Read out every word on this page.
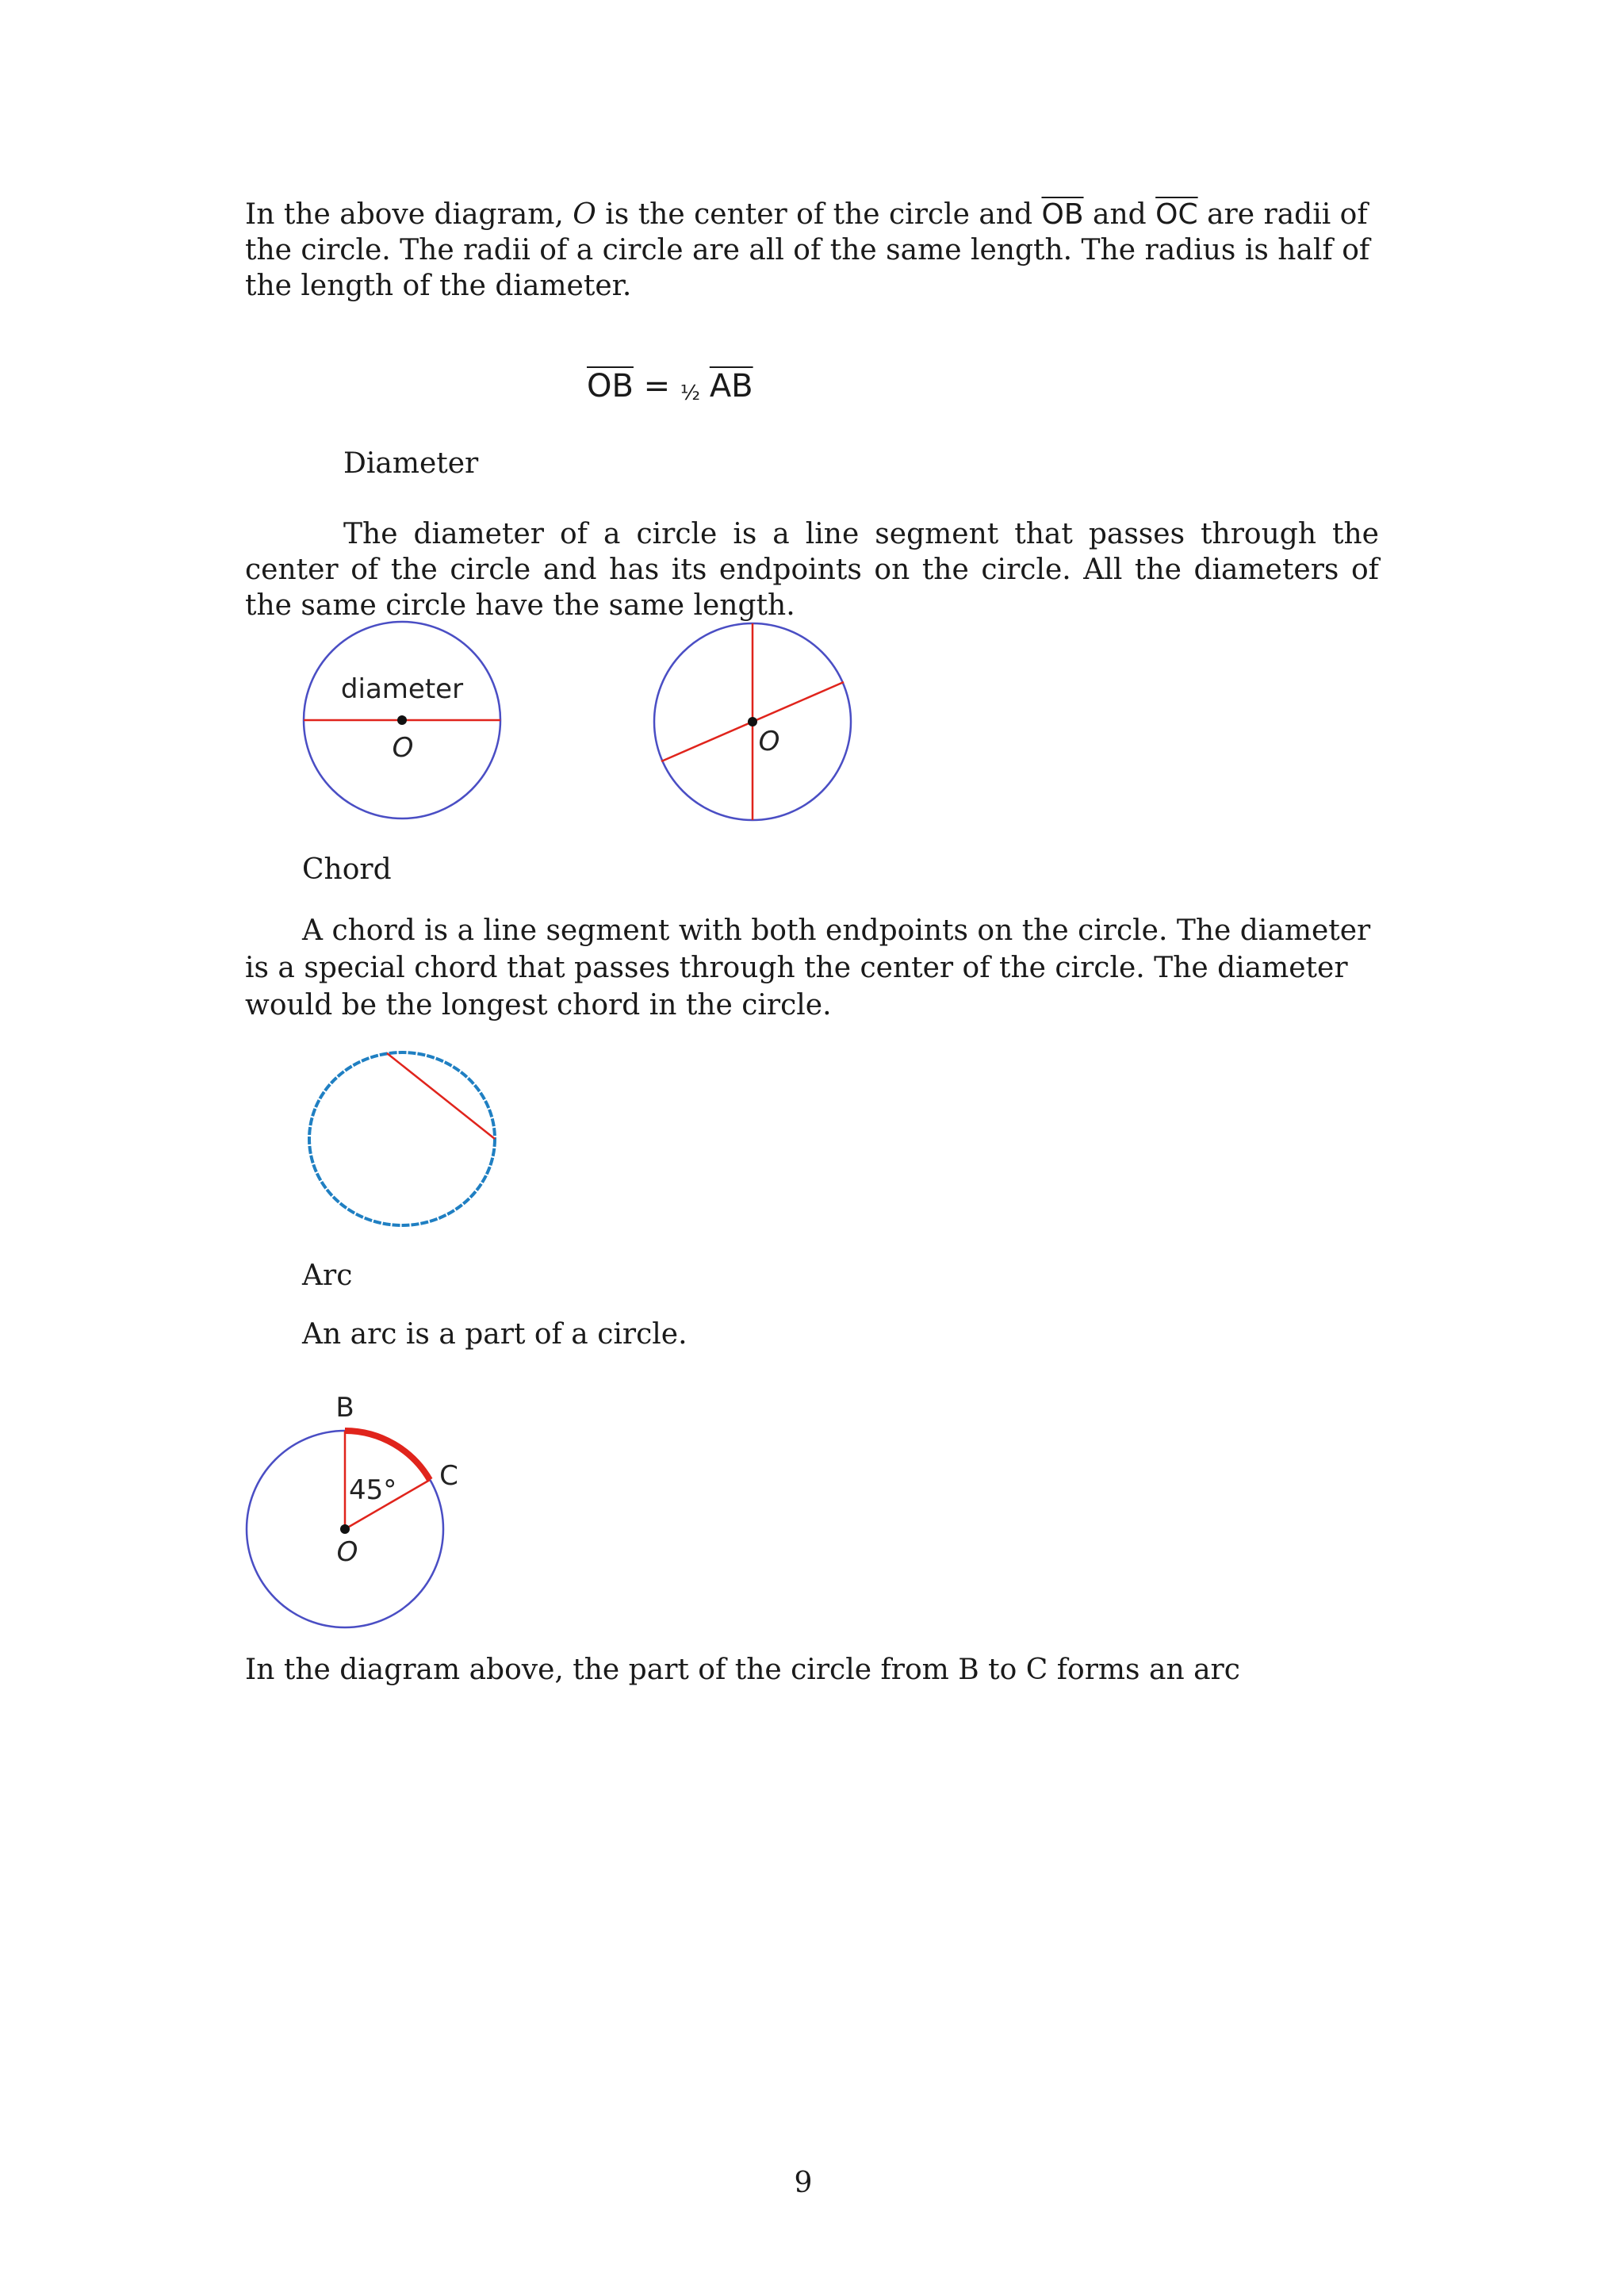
In the above diagram, O is the center of the circle and $\overline{OB}$ and $\overline{OC}$ are radii of the circle. The radii of a circle are all of the same length. The radius is half of the length of the diameter.

$\overline{OB}$ = ½ $\overline{AB}$
Diameter

The diameter of a circle is a line segment that passes through the center of the circle and has its endpoints on the circle. All the diameters of the same circle have the same length.

diameter
O	O
Chord

A chord is a line segment with both endpoints on the circle. The diameter is a special chord that passes through the center of the circle. The diameter would be the longest chord in the circle.

Arc

An arc is a part of a circle.

B
C
45°
O

In the diagram above, the part of the circle from B to C forms an arc

9
